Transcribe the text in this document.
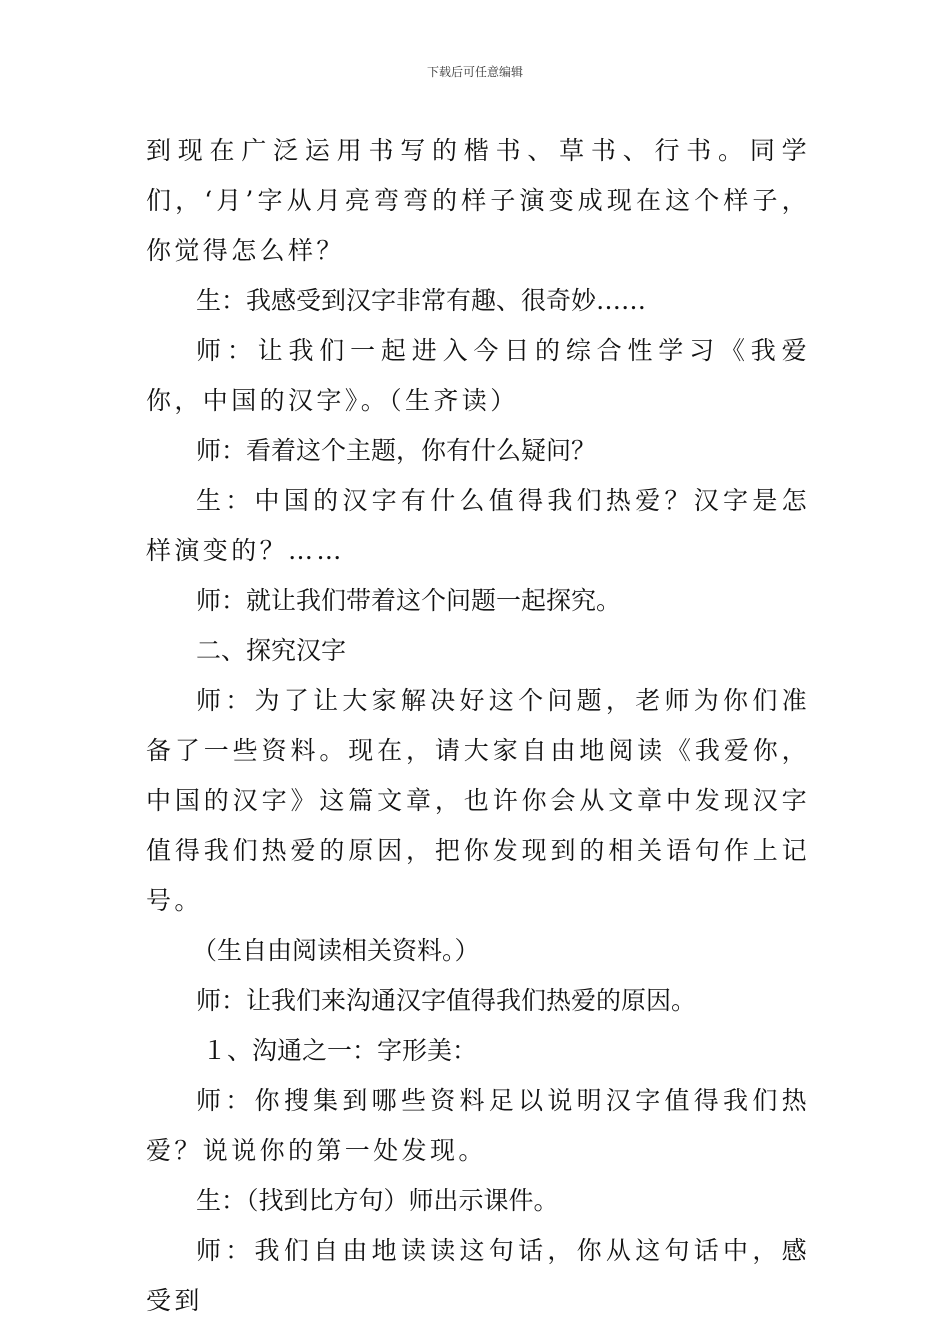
下载后可任意编辑

到现在广泛运用书写的楷书、草书、行书。同学们，‘月’字从月亮弯弯的样子演变成现在这个样子，你觉得怎么样？

生：我感受到汉字非常有趣、很奇妙……

师：让我们一起进入今日的综合性学习《我爱你，中国的汉字》。（生齐读）

师：看着这个主题，你有什么疑问？

生：中国的汉字有什么值得我们热爱？汉字是怎样演变的？……

师：就让我们带着这个问题一起探究。

二、探究汉字

师：为了让大家解决好这个问题，老师为你们准备了一些资料。现在，请大家自由地阅读《我爱你，中国的汉字》这篇文章，也许你会从文章中发现汉字值得我们热爱的原因，把你发现到的相关语句作上记号。

（生自由阅读相关资料。）

师：让我们来沟通汉字值得我们热爱的原因。

１、沟通之一：字形美：

师：你搜集到哪些资料足以说明汉字值得我们热爱？说说你的第一处发现。

生：（找到比方句）师出示课件。

师：我们自由地读读这句话，你从这句话中，感受到
